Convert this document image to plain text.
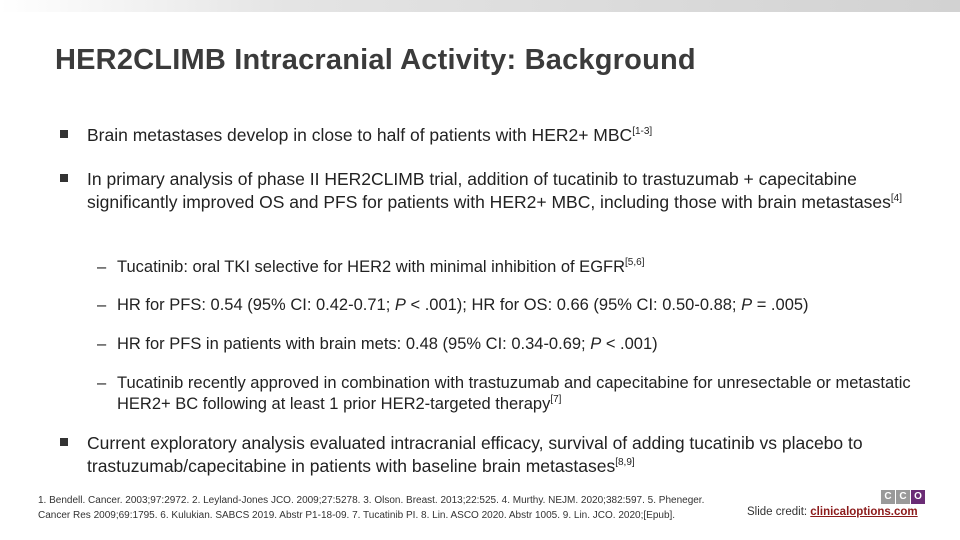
HER2CLIMB Intracranial Activity: Background
Brain metastases develop in close to half of patients with HER2+ MBC[1-3]
In primary analysis of phase II HER2CLIMB trial, addition of tucatinib to trastuzumab + capecitabine significantly improved OS and PFS for patients with HER2+ MBC, including those with brain metastases[4]
– Tucatinib: oral TKI selective for HER2 with minimal inhibition of EGFR[5,6]
– HR for PFS: 0.54 (95% CI: 0.42-0.71; P < .001); HR for OS: 0.66 (95% CI: 0.50-0.88; P = .005)
– HR for PFS in patients with brain mets: 0.48 (95% CI: 0.34-0.69; P < .001)
– Tucatinib recently approved in combination with trastuzumab and capecitabine for unresectable or metastatic HER2+ BC following at least 1 prior HER2-targeted therapy[7]
Current exploratory analysis evaluated intracranial efficacy, survival of adding tucatinib vs placebo to trastuzumab/capecitabine in patients with baseline brain metastases[8,9]
1. Bendell. Cancer. 2003;97:2972. 2. Leyland-Jones JCO. 2009;27:5278. 3. Olson. Breast. 2013;22:525. 4. Murthy. NEJM. 2020;382:597. 5. Pheneger.
Cancer Res 2009;69:1795. 6. Kulukian. SABCS 2019. Abstr P1-18-09. 7. Tucatinib PI. 8. Lin. ASCO 2020. Abstr 1005. 9. Lin. JCO. 2020;[Epub].
C C O
Slide credit: clinicaloptions.com
